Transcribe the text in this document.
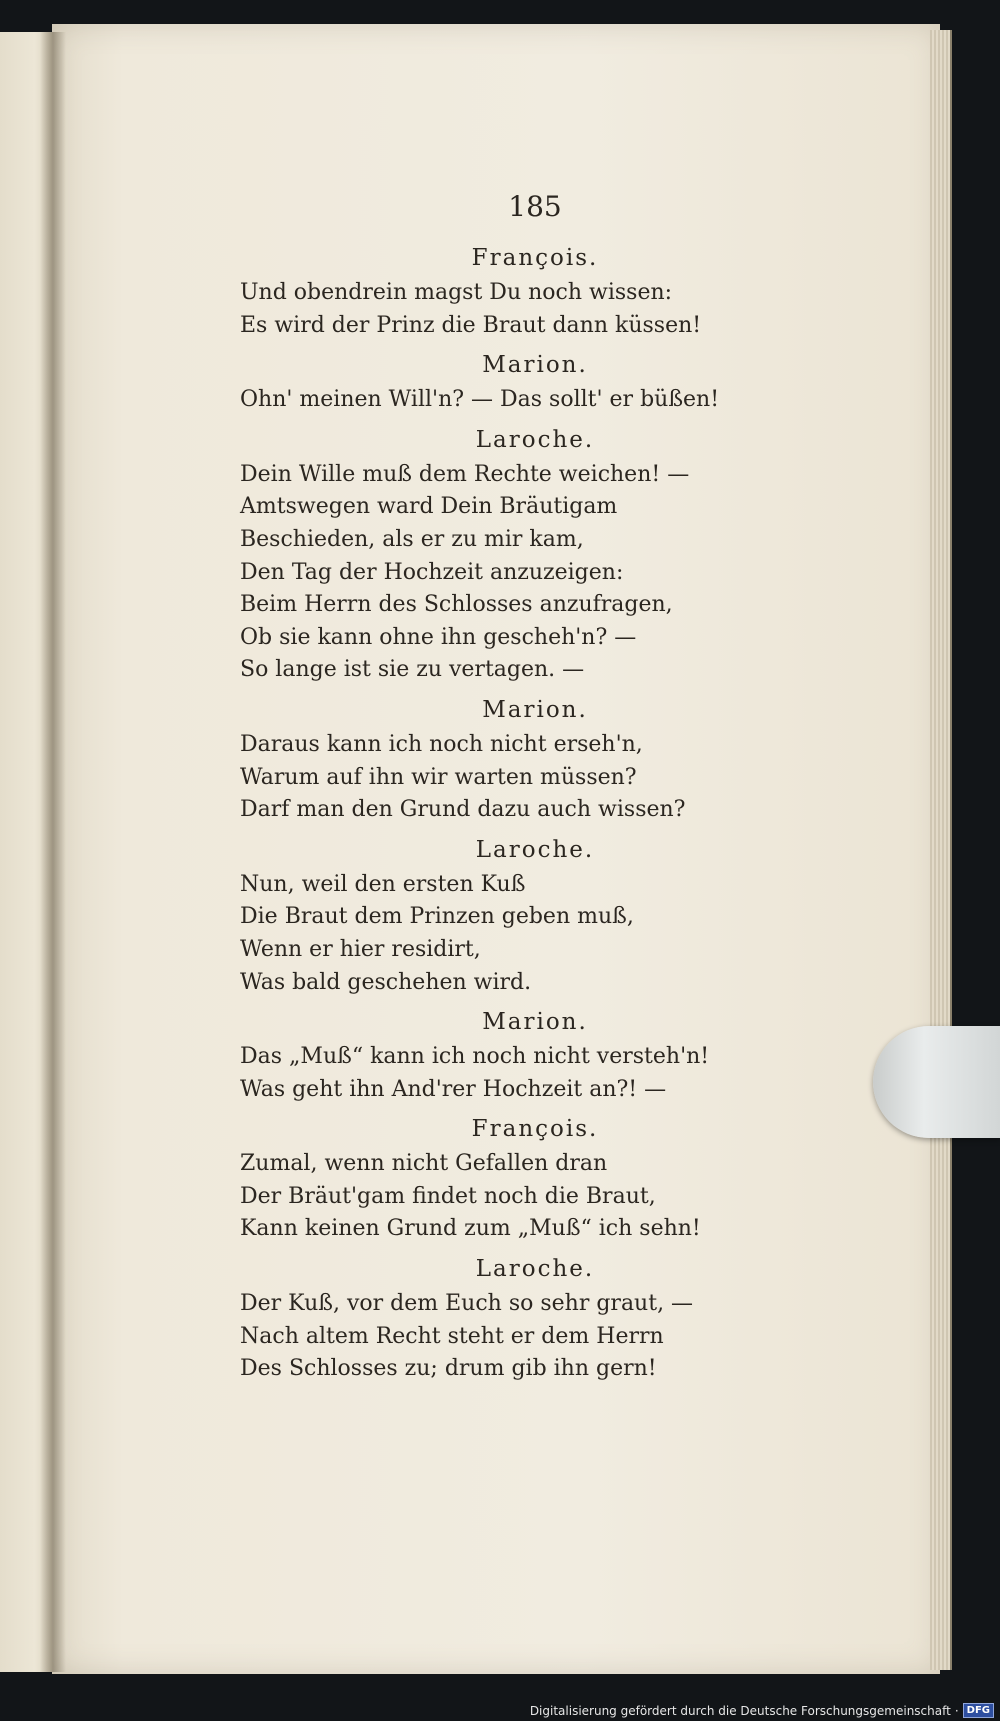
185
François.
Und obendrein magst Du noch wissen:
Es wird der Prinz die Braut dann küssen!
Marion.
Ohn' meinen Will'n? — Das sollt' er büßen!
Laroche.
Dein Wille muß dem Rechte weichen! —
Amtswegen ward Dein Bräutigam
Beschieden, als er zu mir kam,
Den Tag der Hochzeit anzuzeigen:
Beim Herrn des Schlosses anzufragen,
Ob sie kann ohne ihn gescheh'n? —
So lange ist sie zu vertagen. —
Marion.
Daraus kann ich noch nicht erseh'n,
Warum auf ihn wir warten müssen?
Darf man den Grund dazu auch wissen?
Laroche.
Nun, weil den ersten Kuß
Die Braut dem Prinzen geben muß,
Wenn er hier residirt,
Was bald geschehen wird.
Marion.
Das „Muß“ kann ich noch nicht versteh'n!
Was geht ihn And'rer Hochzeit an?! —
François.
Zumal, wenn nicht Gefallen dran
Der Bräut'gam findet noch die Braut,
Kann keinen Grund zum „Muß“ ich sehn!
Laroche.
Der Kuß, vor dem Euch so sehr graut, —
Nach altem Recht steht er dem Herrn
Des Schlosses zu; drum gib ihn gern!
Digitalisierung gefördert durch die Deutsche Forschungsgemeinschaft · DFG
